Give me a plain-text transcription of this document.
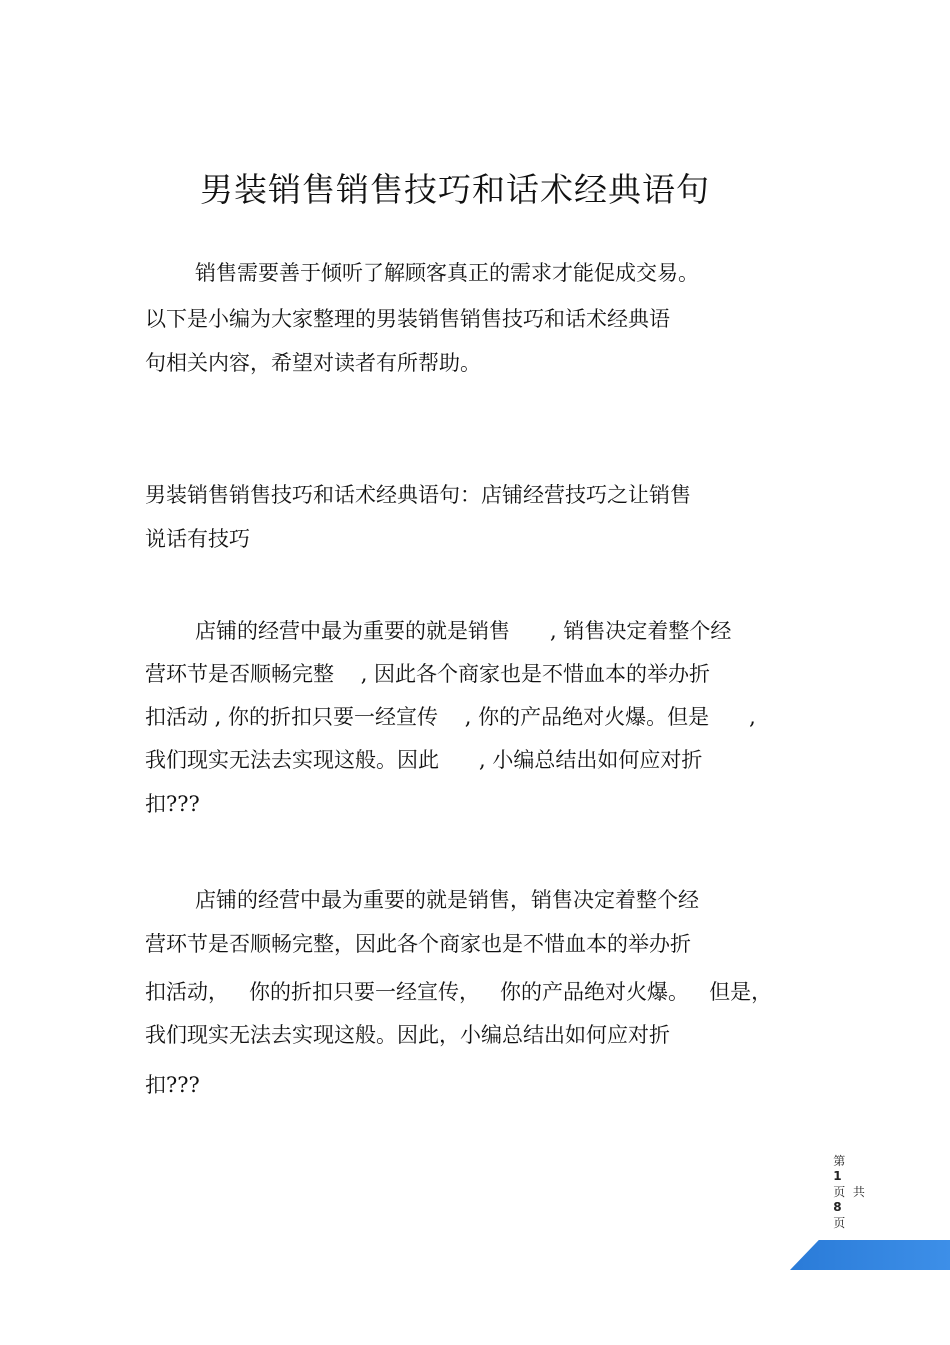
男装销售销售技巧和话术经典语句
销售需要善于倾听了解顾客真正的需求才能促成交易。
以下是小编为大家整理的男装销售销售技巧和话术经典语
句相关内容，希望对读者有所帮助。
男装销售销售技巧和话术经典语句：店铺经营技巧之让销售
说话有技巧
店铺的经营中最为重要的就是销售      , 销售决定着整个经
营环节是否顺畅完整    , 因此各个商家也是不惜血本的举办折
扣活动 , 你的折扣只要一经宣传    , 你的产品绝对火爆。但是      ,
我们现实无法去实现这般。因此      , 小编总结出如何应对折
扣???
店铺的经营中最为重要的就是销售，销售决定着整个经
营环节是否顺畅完整，因此各个商家也是不惜血本的举办折
扣活动，   你的折扣只要一经宣传，   你的产品绝对火爆。   但是，
我们现实无法去实现这般。因此，小编总结出如何应对折
扣???

第
1
页  共
8
页
